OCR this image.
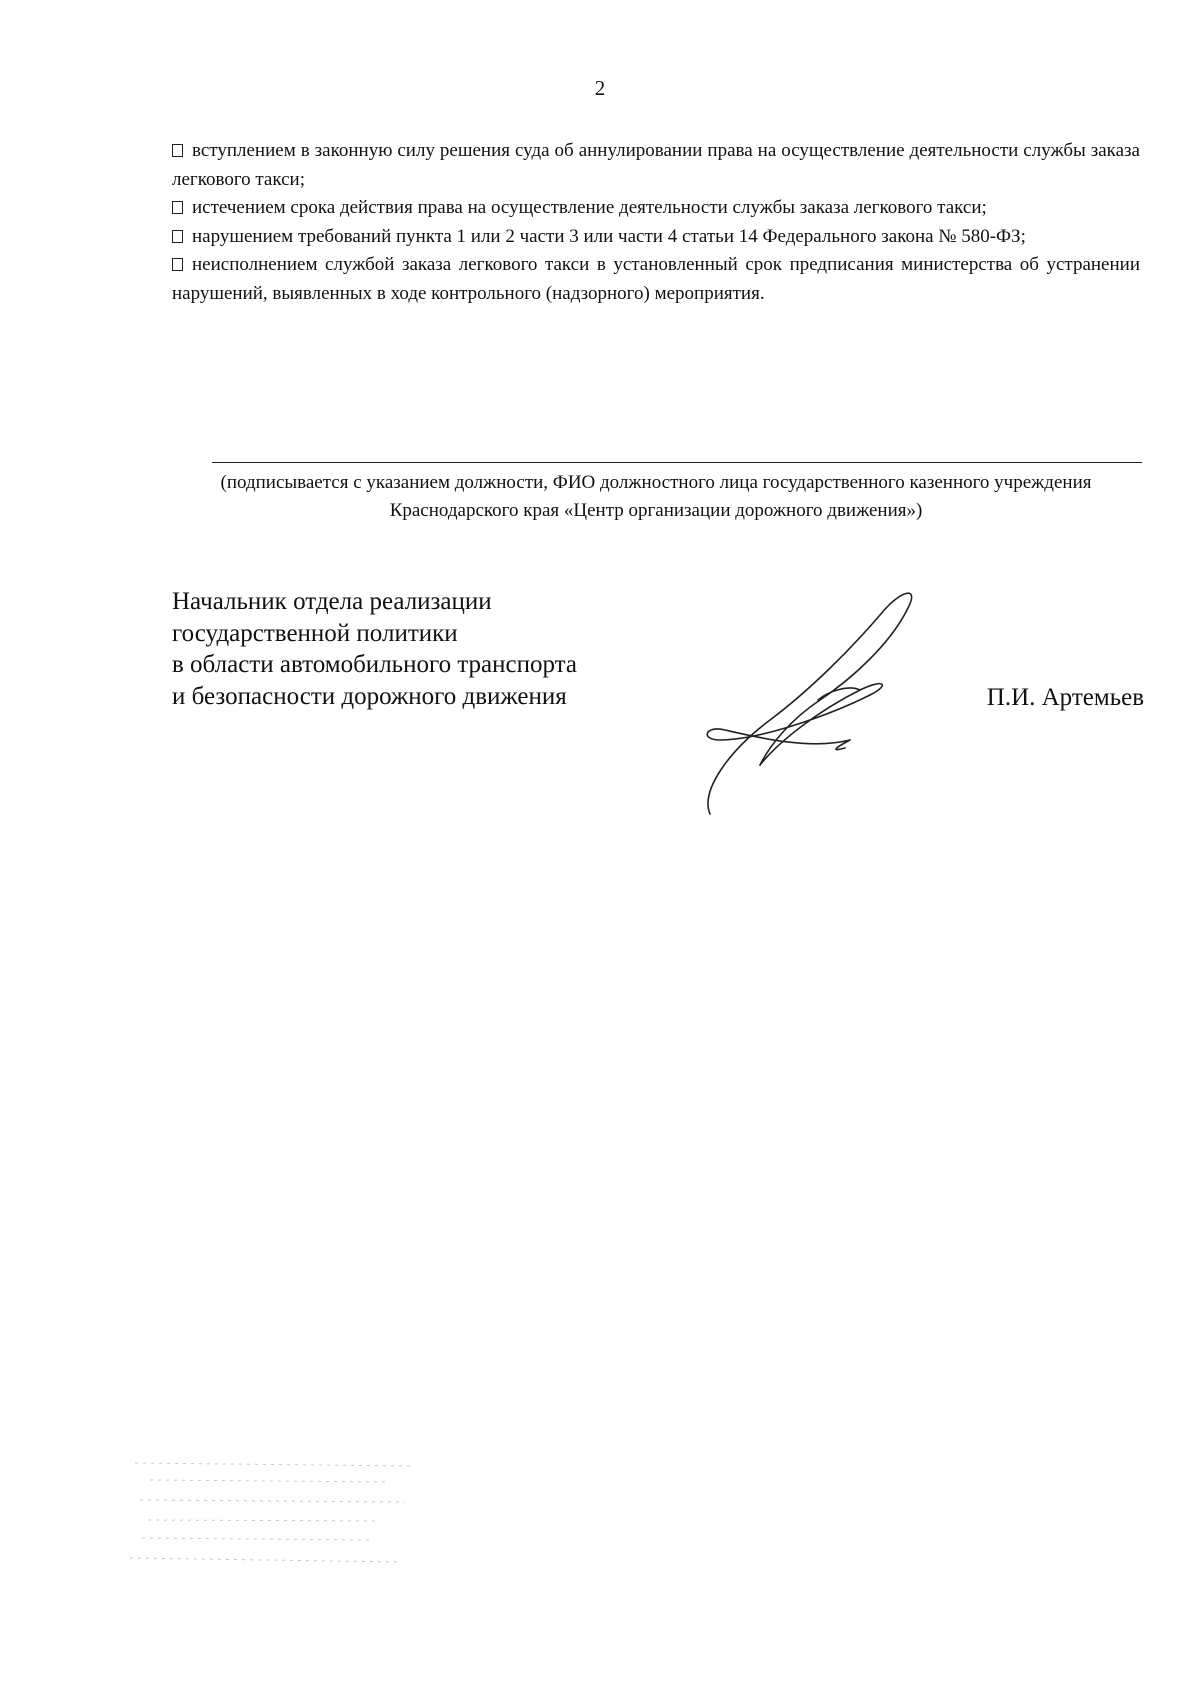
2

вступлением в законную силу решения суда об аннулировании права на осуществление деятельности службы заказа легкового такси;

истечением срока действия права на осуществление деятельности службы заказа легкового такси;

нарушением требований пункта 1 или 2 части 3 или части 4 статьи 14 Федерального закона № 580-ФЗ;

неисполнением службой заказа легкового такси в установленный срок предписания министерства об устранении нарушений, выявленных в ходе контрольного (надзорного) мероприятия.

(подписывается с указанием должности, ФИО должностного лица государственного казенного учреждения Краснодарского края «Центр организации дорожного движения»)
Начальник отдела реализации
государственной политики
в области автомобильного транспорта
и безопасности дорожного движения	П.И. Артемьев
